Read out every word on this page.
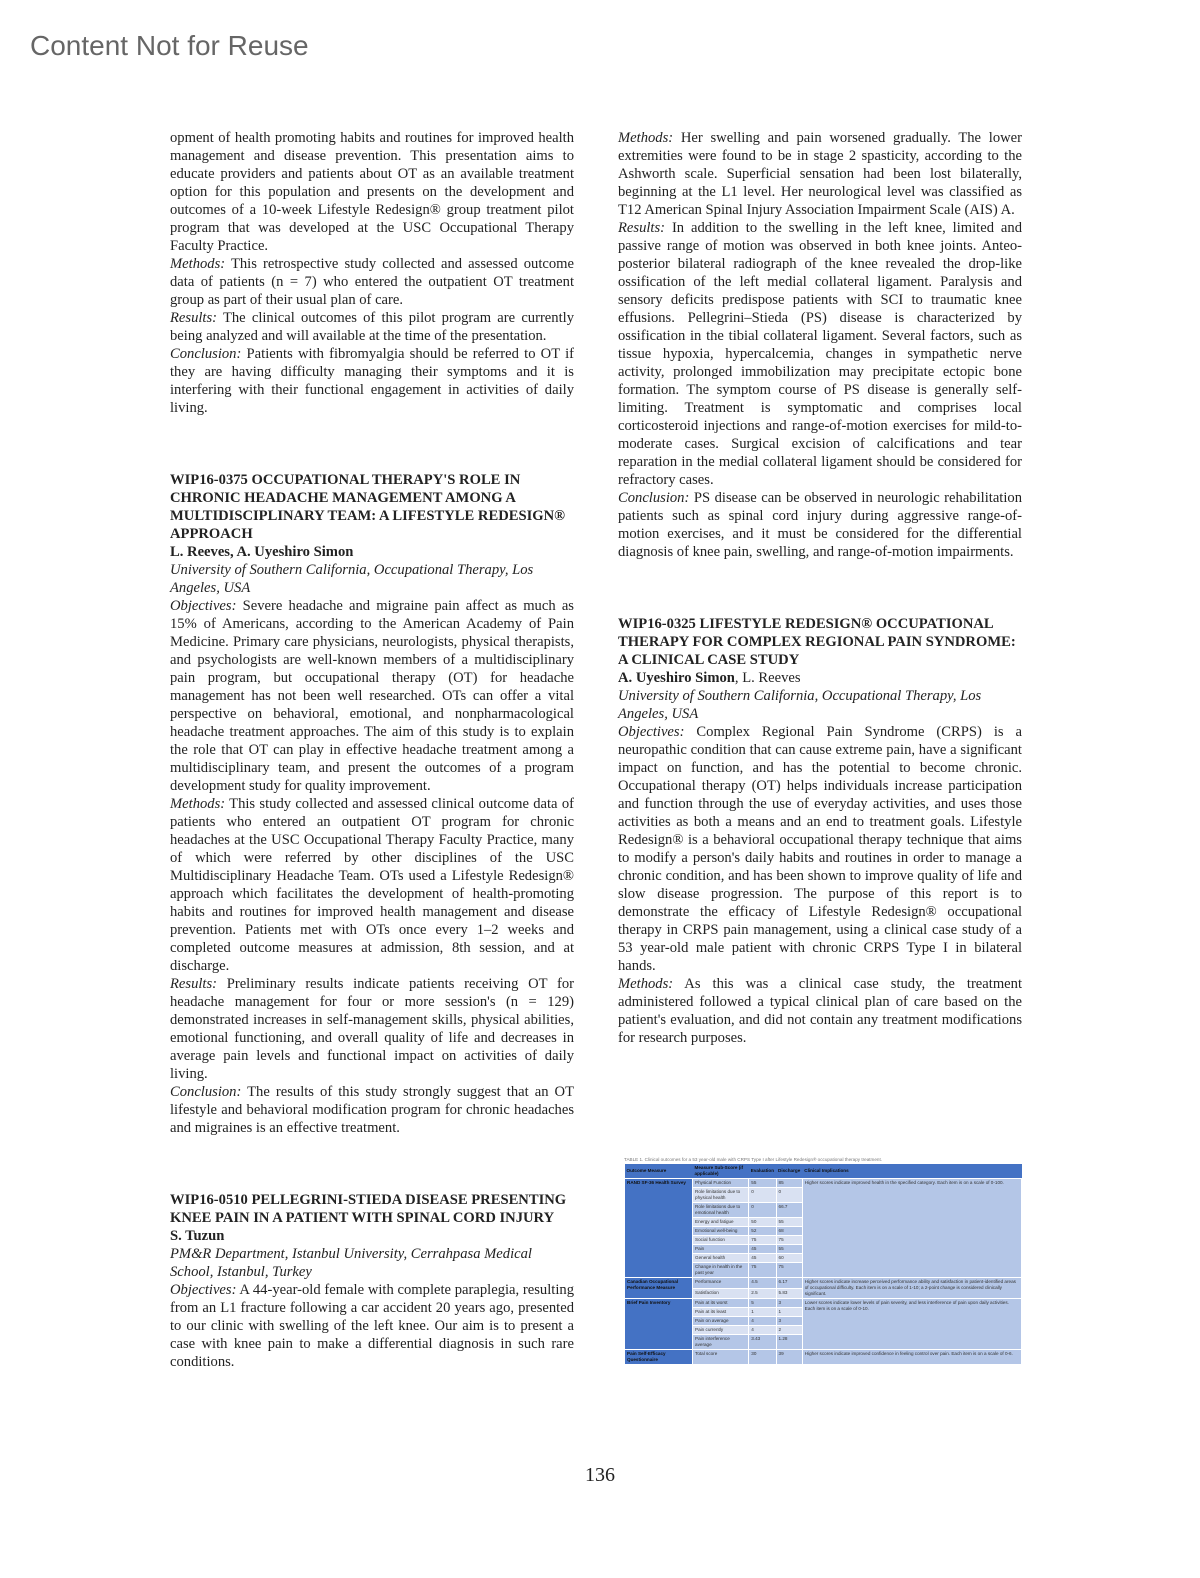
Content Not for Reuse

opment of health promoting habits and routines for improved health management and disease prevention. This presentation aims to educate providers and patients about OT as an available treatment option for this population and presents on the development and outcomes of a 10-week Lifestyle Redesign® group treatment pilot program that was developed at the USC Occupational Therapy Faculty Practice.

Methods: This retrospective study collected and assessed outcome data of patients (n = 7) who entered the outpatient OT treatment group as part of their usual plan of care.

Results: The clinical outcomes of this pilot program are currently being analyzed and will available at the time of the presentation.

Conclusion: Patients with fibromyalgia should be referred to OT if they are having difficulty managing their symptoms and it is interfering with their functional engagement in activities of daily living.

WIP16-0375 OCCUPATIONAL THERAPY'S ROLE IN CHRONIC HEADACHE MANAGEMENT AMONG A MULTIDISCIPLINARY TEAM: A LIFESTYLE REDESIGN® APPROACH
L. Reeves, A. Uyeshiro Simon
University of Southern California, Occupational Therapy, Los Angeles, USA

Objectives: Severe headache and migraine pain affect as much as 15% of Americans, according to the American Academy of Pain Medicine. Primary care physicians, neurologists, physical therapists, and psychologists are well-known members of a multidisciplinary pain program, but occupational therapy (OT) for headache management has not been well researched. OTs can offer a vital perspective on behavioral, emotional, and nonpharmacological headache treatment approaches. The aim of this study is to explain the role that OT can play in effective headache treatment among a multidisciplinary team, and present the outcomes of a program development study for quality improvement.

Methods: This study collected and assessed clinical outcome data of patients who entered an outpatient OT program for chronic headaches at the USC Occupational Therapy Faculty Practice, many of which were referred by other disciplines of the USC Multidisciplinary Headache Team. OTs used a Lifestyle Redesign® approach which facilitates the development of health-promoting habits and routines for improved health management and disease prevention. Patients met with OTs once every 1–2 weeks and completed outcome measures at admission, 8th session, and at discharge.

Results: Preliminary results indicate patients receiving OT for headache management for four or more session's (n = 129) demonstrated increases in self-management skills, physical abilities, emotional functioning, and overall quality of life and decreases in average pain levels and functional impact on activities of daily living.

Conclusion: The results of this study strongly suggest that an OT lifestyle and behavioral modification program for chronic headaches and migraines is an effective treatment.

WIP16-0510 PELLEGRINI-STIEDA DISEASE PRESENTING KNEE PAIN IN A PATIENT WITH SPINAL CORD INJURY
S. Tuzun
PM&R Department, Istanbul University, Cerrahpasa Medical School, Istanbul, Turkey

Objectives: A 44-year-old female with complete paraplegia, resulting from an L1 fracture following a car accident 20 years ago, presented to our clinic with swelling of the left knee. Our aim is to present a case with knee pain to make a differential diagnosis in such rare conditions.

Methods: Her swelling and pain worsened gradually. The lower extremities were found to be in stage 2 spasticity, according to the Ashworth scale. Superficial sensation had been lost bilaterally, beginning at the L1 level. Her neurological level was classified as T12 American Spinal Injury Association Impairment Scale (AIS) A.

Results: In addition to the swelling in the left knee, limited and passive range of motion was observed in both knee joints. Anteo-posterior bilateral radiograph of the knee revealed the drop-like ossification of the left medial collateral ligament. Paralysis and sensory deficits predispose patients with SCI to traumatic knee effusions. Pellegrini–Stieda (PS) disease is characterized by ossification in the tibial collateral ligament. Several factors, such as tissue hypoxia, hypercalcemia, changes in sympathetic nerve activity, prolonged immobilization may precipitate ectopic bone formation. The symptom course of PS disease is generally self-limiting. Treatment is symptomatic and comprises local corticosteroid injections and range-of-motion exercises for mild-to-moderate cases. Surgical excision of calcifications and tear reparation in the medial collateral ligament should be considered for refractory cases.

Conclusion: PS disease can be observed in neurologic rehabilitation patients such as spinal cord injury during aggressive range-of-motion exercises, and it must be considered for the differential diagnosis of knee pain, swelling, and range-of-motion impairments.

WIP16-0325 LIFESTYLE REDESIGN® OCCUPATIONAL THERAPY FOR COMPLEX REGIONAL PAIN SYNDROME: A CLINICAL CASE STUDY
A. Uyeshiro Simon, L. Reeves
University of Southern California, Occupational Therapy, Los Angeles, USA

Objectives: Complex Regional Pain Syndrome (CRPS) is a neuropathic condition that can cause extreme pain, have a significant impact on function, and has the potential to become chronic. Occupational therapy (OT) helps individuals increase participation and function through the use of everyday activities, and uses those activities as both a means and an end to treatment goals. Lifestyle Redesign® is a behavioral occupational therapy technique that aims to modify a person's daily habits and routines in order to manage a chronic condition, and has been shown to improve quality of life and slow disease progression. The purpose of this report is to demonstrate the efficacy of Lifestyle Redesign® occupational therapy in CRPS pain management, using a clinical case study of a 53 year-old male patient with chronic CRPS Type I in bilateral hands.

Methods: As this was a clinical case study, the treatment administered followed a typical clinical plan of care based on the patient's evaluation, and did not contain any treatment modifications for research purposes.

TABLE 1. Clinical outcomes for a 53 year-old male with CRPS Type I after Lifestyle Redesign® occupational therapy treatment.
Outcome Measure	Measure Sub-Score (if applicable)	Evaluation	Discharge	Clinical Implications
RAND SF-36 Health Survey	Physical Function	55	85	Higher scores indicate improved health in the specified category. Each item is on a scale of 0-100.
	Role limitations due to physical health	0	0	
	Role limitations due to emotional health	0	66.7	
	Energy and fatigue	50	55	
	Emotional well-being	52	68	
	Social function	75	75	
	Pain	45	55	
	General health	45	60	
	Change in health in the past year	75	75	
Canadian Occupational Performance Measure	Performance	4.5	6.17	Higher scores indicate increase perceived performance ability and satisfaction in patient-identified areas of occupational difficulty. Each item is on a scale of 1-10; a 2-point change is considered clinically significant.
	Satisfaction	2.5	5.83	
Brief Pain Inventory	Pain at its worst	5	3	Lower scores indicate lower levels of pain severity, and less interference of pain upon daily activities. Each item is on a scale of 0-10.
	Pain at its least	1	1	
	Pain on average	4	3	
	Pain currently	4	2	
	Pain interference average	3.43	1.28	
Pain Self-Efficacy Questionnaire	Total score	30	39	Higher scores indicate improved confidence in feeling control over pain. Each item is on a scale of 0-6.
136
